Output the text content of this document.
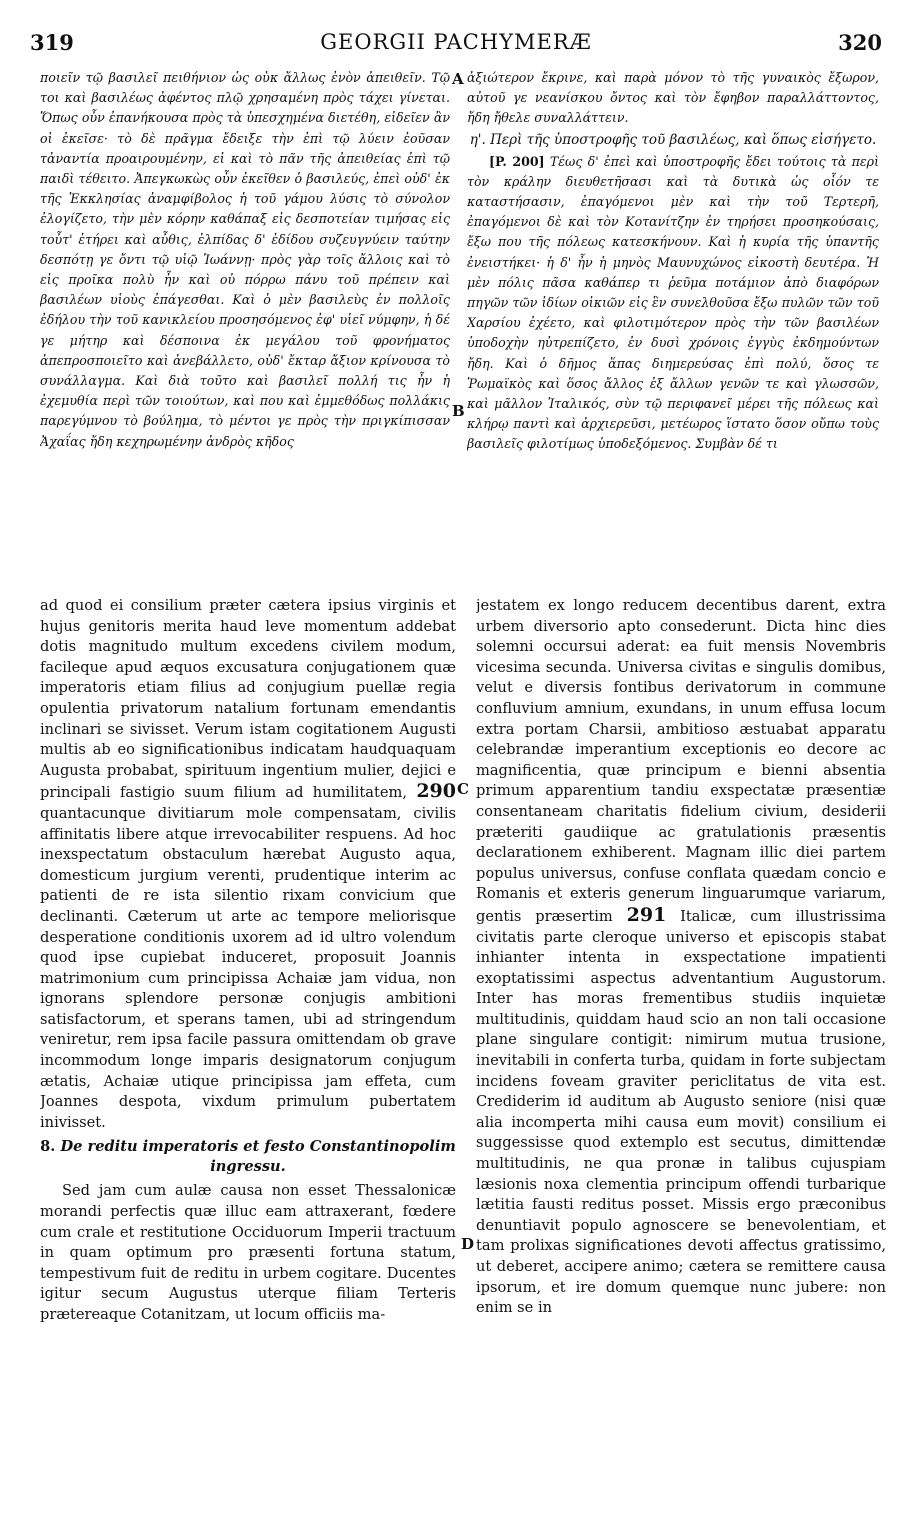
319	GEORGII PACHYMERÆ	320
A
B
C
D

ποιεῖν τῷ βασιλεῖ πειθήνιον ὡς οὐκ ἄλλως ἐνὸν ἀπειθεῖν. Τῷ τοι καὶ βασιλέως ἀφέντος πλῷ χρησαμένη πρὸς τάχει γίνεται. Ὅπως οὖν ἐπανήκουσα πρὸς τὰ ὑπεσχημένα διετέθη, εἰδεῖεν ἂν οἱ ἐκεῖσε· τὸ δὲ πρᾶγμα ἔδειξε τὴν ἐπὶ τῷ λύειν ἐοῦσαν τἀναντία προαιρουμένην, εἰ καὶ τὸ πᾶν τῆς ἀπειθείας ἐπὶ τῷ παιδὶ τέθειτο. Ἀπεγκωκὼς οὖν ἐκεῖθεν ὁ βασιλεύς, ἐπεὶ οὐδ' ἐκ τῆς Ἐκκλησίας ἀναμφίβολος ἡ τοῦ γάμου λύσις τὸ σύνολον ἐλογίζετο, τὴν μὲν κόρην καθάπαξ εἰς δεσποτείαν τιμήσας εἰς τοὖτ' ἐτήρει καὶ αὖθις, ἐλπίδας δ' ἐδίδου συζευγνύειν ταύτην δεσπότῃ γε ὄντι τῷ υἱῷ Ἰωάννῃ· πρὸς γὰρ τοῖς ἄλλοις καὶ τὸ εἰς προῖκα πολὺ ἦν καὶ οὐ πόρρω πάνυ τοῦ πρέπειν καὶ βασιλέων υἱοὺς ἐπάγεσθαι. Καὶ ὁ μὲν βασιλεὺς ἐν πολλοῖς ἐδήλου τὴν τοῦ κανικλείου προσησόμενος ἐφ' υἱεῖ νύμφην, ἡ δέ γε μήτηρ καὶ δέσποινα ἐκ μεγάλου τοῦ φρονήματος ἀπεπροσποιεῖτο καὶ ἀνεβάλλετο, οὐδ' ἔκταρ ἄξιον κρίνουσα τὸ συνάλλαγμα. Καὶ διὰ τοῦτο καὶ βασιλεῖ πολλή τις ἦν ἡ ἐχεμυθία περὶ τῶν τοιούτων, καὶ που καὶ ἐμμεθόδως πολλάκις παρεγύμνου τὸ βούλημα, τὸ μέντοι γε πρὸς τὴν πριγκίπισσαν Ἀχαΐας ἤδη κεχηρωμένην ἀνδρὸς κῆδος

ἀξιώτερον ἔκρινε, καὶ παρὰ μόνον τὸ τῆς γυναικὸς ἔξωρον, αὐτοῦ γε νεανίσκου ὄντος καὶ τὸν ἔφηβον παραλλάττοντος, ἤδη ἤθελε συναλλάττειν.

η'. Περὶ τῆς ὑποστροφῆς τοῦ βασιλέως, καὶ ὅπως εἰσήγετο.

[P. 200] Τέως δ' ἐπεὶ καὶ ὑποστροφῆς ἔδει τούτοις τὰ περὶ τὸν κράλην διευθετῆσασι καὶ τὰ δυτικὰ ὡς οἷόν τε καταστήσασιν, ἐπαγόμενοι μὲν καὶ τὴν τοῦ Τερτερῆ, ἐπαγόμενοι δὲ καὶ τὸν Κοτανίτζην ἐν τηρήσει προσηκούσαις, ἔξω που τῆς πόλεως κατεσκήνουν. Καὶ ἡ κυρία τῆς ὑπαντῆς ἐνειστήκει· ἡ δ' ἦν ἡ μηνὸς Μαυνυχώνος εἰκοστὴ δευτέρα. Ἡ μὲν πόλις πᾶσα καθάπερ τι ῥεῦμα ποτάμιον ἀπὸ διαφόρων πηγῶν τῶν ἰδίων οἰκιῶν εἰς ἓν συνελθοῦσα ἔξω πυλῶν τῶν τοῦ Χαρσίου ἐχέετο, καὶ φιλοτιμότερον πρὸς τὴν τῶν βασιλέων ὑποδοχὴν ηὐτρεπίζετο, ἐν δυσὶ χρόνοις ἐγγὺς ἐκδημούντων ἤδη. Καὶ ὁ δῆμος ἅπας διημερεύσας ἐπὶ πολύ, ὅσος τε Ῥωμαϊκὸς καὶ ὅσος ἄλλος ἐξ ἄλλων γενῶν τε καὶ γλωσσῶν, καὶ μᾶλλον Ἰταλικός, σὺν τῷ περιφανεῖ μέρει τῆς πόλεως καὶ κλήρῳ παντὶ καὶ ἀρχιερεῦσι, μετέωρος ἵστατο ὅσον οὔπω τοὺς βασιλεῖς φιλοτίμως ὑποδεξόμενος. Συμβὰν δέ τι

ad quod ei consilium præter cætera ipsius virginis et hujus genitoris merita haud leve momentum addebat dotis magnitudo multum excedens civilem modum, facileque apud æquos excusatura conjugationem quæ imperatoris etiam filius ad conjugium puellæ regia opulentia privatorum natalium fortunam emendantis inclinari se sivisset. Verum istam cogitationem Augusti multis ab eo significationibus indicatam haudquaquam Augusta probabat, spirituum ingentium mulier, dejici e principali fastigio suum filium ad humilitatem, 290 quantacunque divitiarum mole compensatam, civilis affinitatis libere atque irrevocabiliter respuens. Ad hoc inexspectatum obstaculum hærebat Augusto aqua, domesticum jurgium verenti, prudentique interim ac patienti de re ista silentio rixam convicium que declinanti. Cæterum ut arte ac tempore meliorisque desperatione conditionis uxorem ad id ultro volendum quod ipse cupiebat induceret, proposuit Joannis matrimonium cum principissa Achaiæ jam vidua, non ignorans splendore personæ conjugis ambitioni satisfactorum, et sperans tamen, ubi ad stringendum veniretur, rem ipsa facile passura omittendam ob grave incommodum longe imparis designatorum conjugum ætatis, Achaiæ utique principissa jam effeta, cum Joannes despota, vixdum primulum pubertatem inivisset.

8. De reditu imperatoris et festo Constantinopolim ingressu.

Sed jam cum aulæ causa non esset Thessalonicæ morandi perfectis quæ illuc eam attraxerant, fœdere cum crale et restitutione Occiduorum Imperii tractuum in quam optimum pro præsenti fortuna statum, tempestivum fuit de reditu in urbem cogitare. Ducentes igitur secum Augustus uterque filiam Terteris prætereaque Cotanitzam, ut locum officiis ma-

jestatem ex longo reducem decentibus darent, extra urbem diversorio apto consederunt. Dicta hinc dies solemni occursui aderat: ea fuit mensis Novembris vicesima secunda. Universa civitas e singulis domibus, velut e diversis fontibus derivatorum in commune confluvium amnium, exundans, in unum effusa locum extra portam Charsii, ambitioso æstuabat apparatu celebrandæ imperantium exceptionis eo decore ac magnificentia, quæ principum e bienni absentia primum apparentium tandiu exspectatæ præsentiæ consentaneam charitatis fidelium civium, desiderii præteriti gaudiique ac gratulationis præsentis declarationem exhiberent. Magnam illic diei partem populus universus, confuse conflata quædam concio e Romanis et exteris generum linguarumque variarum, gentis præsertim 291 Italicæ, cum illustrissima civitatis parte cleroque universo et episcopis stabat inhianter intenta in exspectatione impatienti exoptatissimi aspectus adventantium Augustorum. Inter has moras frementibus studiis inquietæ multitudinis, quiddam haud scio an non tali occasione plane singulare contigit: nimirum mutua trusione, inevitabili in conferta turba, quidam in forte subjectam incidens foveam graviter periclitatus de vita est. Crediderim id auditum ab Augusto seniore (nisi quæ alia incomperta mihi causa eum movit) consilium ei suggessisse quod extemplo est secutus, dimittendæ multitudinis, ne qua pronæ in talibus cujuspiam læsionis noxa clementia principum offendi turbarique lætitia fausti reditus posset. Missis ergo præconibus denuntiavit populo agnoscere se benevolentiam, et tam prolixas significationes devoti affectus gratissimo, ut deberet, accipere animo; cætera se remittere causa ipsorum, et ire domum quemque nunc jubere: non enim se in
